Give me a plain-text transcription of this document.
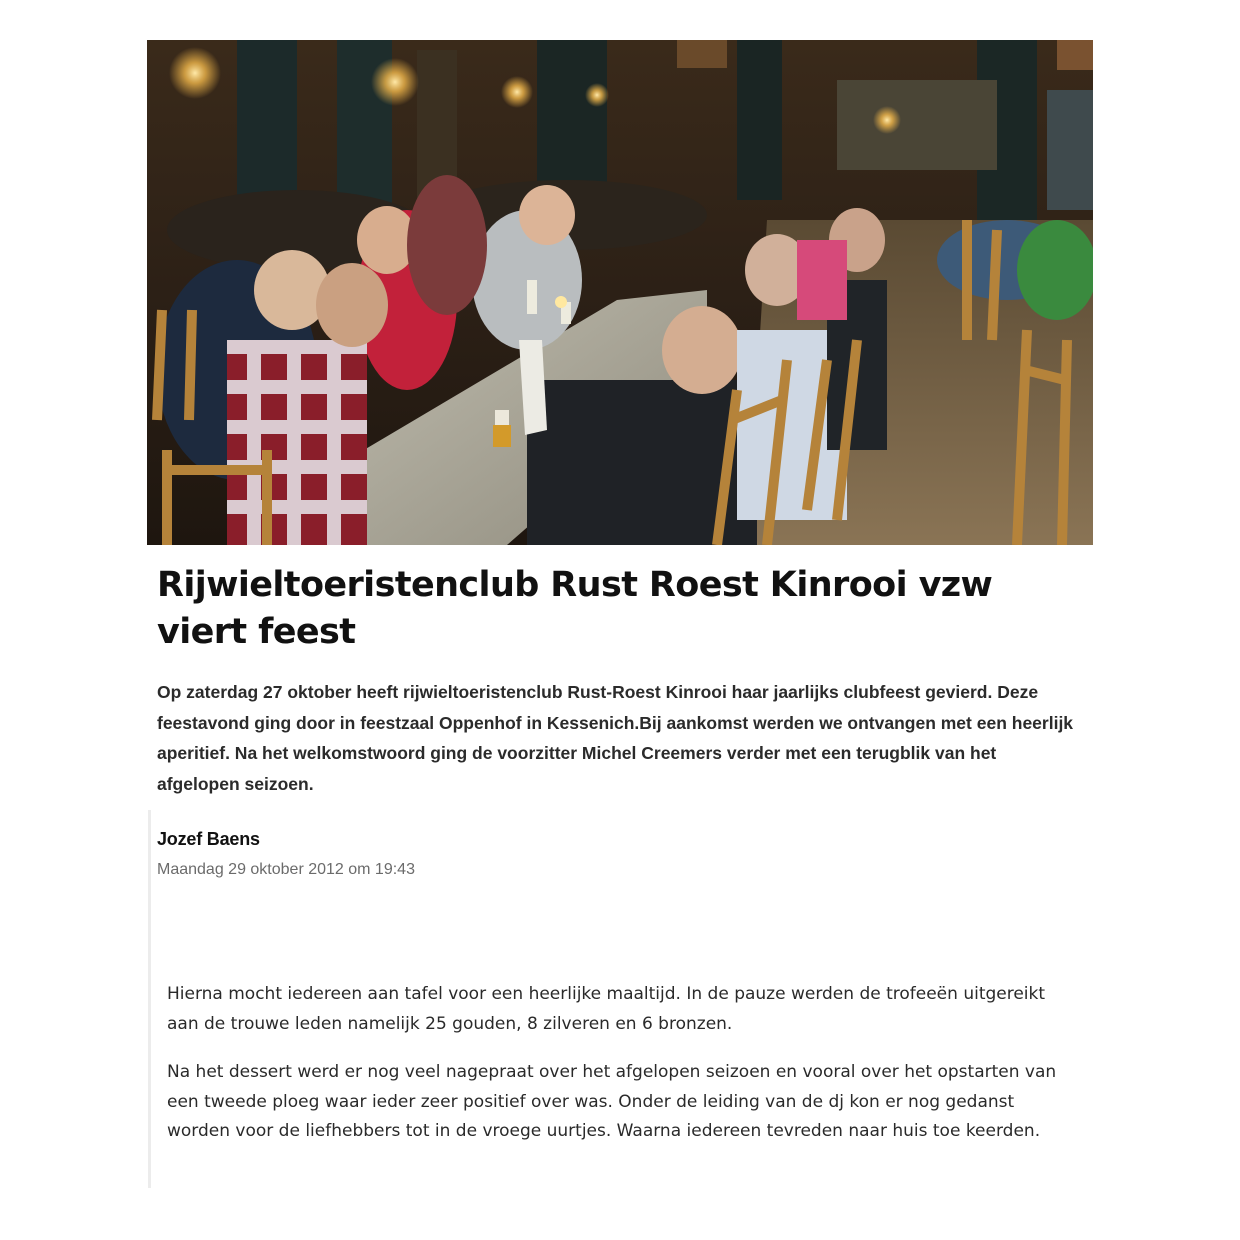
Rijwieltoeristenclub Rust Roest Kinrooi vzw viert feest

Op zaterdag 27 oktober heeft rijwieltoeristenclub Rust-Roest Kinrooi haar jaarlijks clubfeest gevierd. Deze feestavond ging door in feestzaal Oppenhof in Kessenich.Bij aankomst werden we ontvangen met een heerlijk aperitief. Na het welkomstwoord ging de voorzitter Michel Creemers verder met een terugblik van het afgelopen seizoen.

Jozef Baens
Maandag 29 oktober 2012 om 19:43

Hierna mocht iedereen aan tafel voor een heerlijke maaltijd. In de pauze werden de trofeeën uitgereikt aan de trouwe leden namelijk 25 gouden, 8 zilveren en 6 bronzen.

Na het dessert werd er nog veel nagepraat over het afgelopen seizoen en vooral over het opstarten van een tweede ploeg waar ieder zeer positief over was. Onder de leiding van de dj kon er nog gedanst worden voor de liefhebbers tot in de vroege uurtjes. Waarna iedereen tevreden naar huis toe keerden.
